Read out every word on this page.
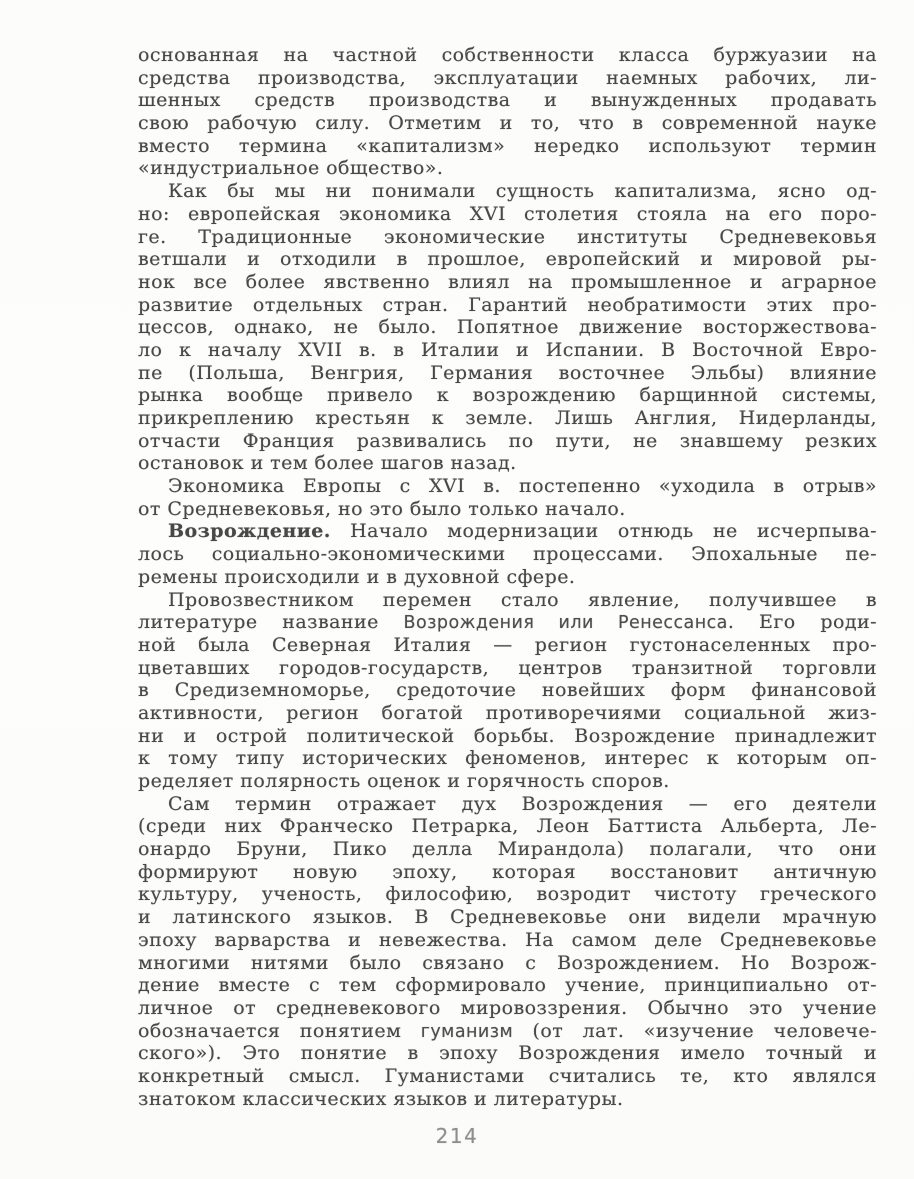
основанная на частной собственности класса буржуазии на
средства производства, эксплуатации наемных рабочих, ли-
шенных средств производства и вынужденных продавать
свою рабочую силу. Отметим и то, что в современной науке
вместо термина «капитализм» нередко используют термин
«индустриальное общество».
Как бы мы ни понимали сущность капитализма, ясно од-
но: европейская экономика XVI столетия стояла на его поро-
ге. Традиционные экономические институты Средневековья
ветшали и отходили в прошлое, европейский и мировой ры-
нок все более явственно влиял на промышленное и аграрное
развитие отдельных стран. Гарантий необратимости этих про-
цессов, однако, не было. Попятное движение восторжествова-
ло к началу XVII в. в Италии и Испании. В Восточной Евро-
пе (Польша, Венгрия, Германия восточнее Эльбы) влияние
рынка вообще привело к возрождению барщинной системы,
прикреплению крестьян к земле. Лишь Англия, Нидерланды,
отчасти Франция развивались по пути, не знавшему резких
остановок и тем более шагов назад.
Экономика Европы с XVI в. постепенно «уходила в отрыв»
от Средневековья, но это было только начало.
Возрождение. Начало модернизации отнюдь не исчерпыва-
лось социально-экономическими процессами. Эпохальные пе-
ремены происходили и в духовной сфере.
Провозвестником перемен стало явление, получившее в
литературе название Возрождения или Ренессанса. Его роди-
ной была Северная Италия — регион густонаселенных про-
цветавших городов-государств, центров транзитной торговли
в Средиземноморье, средоточие новейших форм финансовой
активности, регион богатой противоречиями социальной жиз-
ни и острой политической борьбы. Возрождение принадлежит
к тому типу исторических феноменов, интерес к которым оп-
ределяет полярность оценок и горячность споров.
Сам термин отражает дух Возрождения — его деятели
(среди них Франческо Петрарка, Леон Баттиста Альберта, Ле-
онардо Бруни, Пико делла Мирандола) полагали, что они
формируют новую эпоху, которая восстановит античную
культуру, ученость, философию, возродит чистоту греческого
и латинского языков. В Средневековье они видели мрачную
эпоху варварства и невежества. На самом деле Средневековье
многими нитями было связано с Возрождением. Но Возрож-
дение вместе с тем сформировало учение, принципиально от-
личное от средневекового мировоззрения. Обычно это учение
обозначается понятием гуманизм (от лат. «изучение человече-
ского»). Это понятие в эпоху Возрождения имело точный и
конкретный смысл. Гуманистами считались те, кто являлся
знатоком классических языков и литературы.
214
